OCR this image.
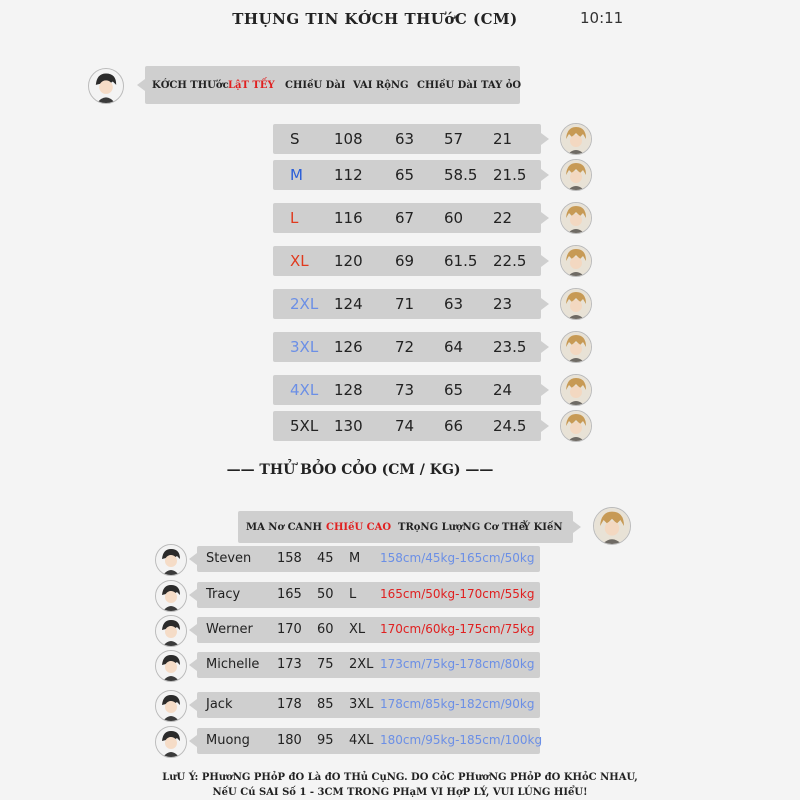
THỤNG TIN KỚCH THƯớC (CM)	10:11
KỚCH THƯớc LậT TẾY CHIềU DàI VAI RộNG CHIềU DàI TAY ỏO
S 108 63 57 21
M 112 65 58.5 21.5
L 116 67 60 22
XL 120 69 61.5 22.5
2XL 124 71 63 23
3XL 126 72 64 23.5
4XL 128 73 65 24
5XL 130 74 66 24.5
—— THỬ BỎO CỎO (CM / KG) ——
MA Nơ CANH CHIềU CAO TRọNG LượNG Cơ THể
Ý KIếN
Steven 158 45 M 158cm/45kg-165cm/50kg
Tracy	165 50 L 165cm/50kg-170cm/55kg
Werner 170 60 XL 170cm/60kg-175cm/75kg
Michelle 173 75 2XL 173cm/75kg-178cm/80kg
Jack	178 85 3XL 178cm/85kg-182cm/90kg
Muong 180 95 4XL 180cm/95kg-185cm/100kg
LưU Ý: PHươNG PHỏP đO Là đO THủ CụNG. DO CỏC PHươNG PHỏP đO KHỏC NHAU,
NếU Cú SAI Số 1 - 3CM TRONG PHạM VI HợP LÝ, VUI LÚNG HIểU!
